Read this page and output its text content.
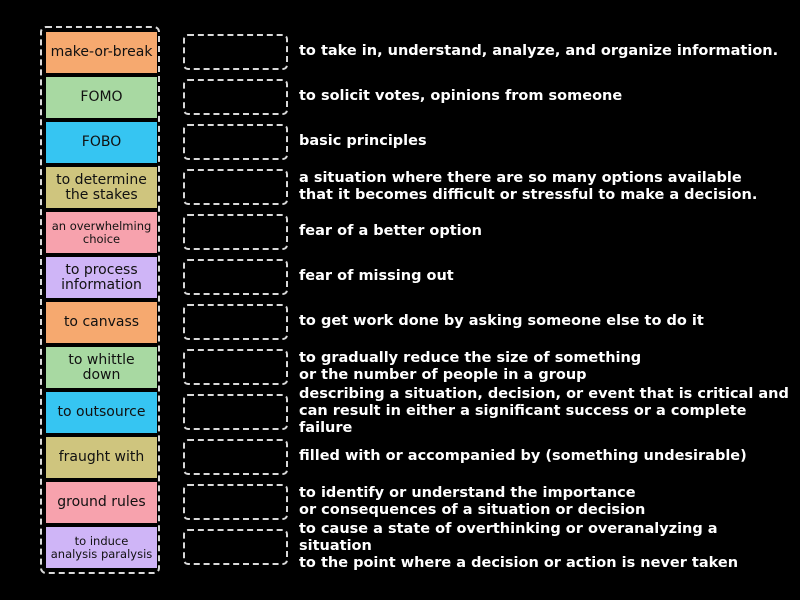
make-or-break
FOMO
FOBO
to determine
the stakes
an overwhelming
choice
to process
information
to canvass
to whittle
down
to outsource
fraught with
ground rules
to induce
analysis paralysis
to take in, understand, analyze, and organize information.
to solicit votes, opinions from someone
basic principles
a situation where there are so many options available
that it becomes difficult or stressful to make a decision.
fear of a better option
fear of missing out
to get work done by asking someone else to do it
to gradually reduce the size of something
or the number of people in a group
describing a situation, decision, or event that is critical and
can result in either a significant success or a complete failure
filled with or accompanied by (something undesirable)
to identify or understand the importance
or consequences of a situation or decision
to cause a state of overthinking or overanalyzing a situation
to the point where a decision or action is never taken
